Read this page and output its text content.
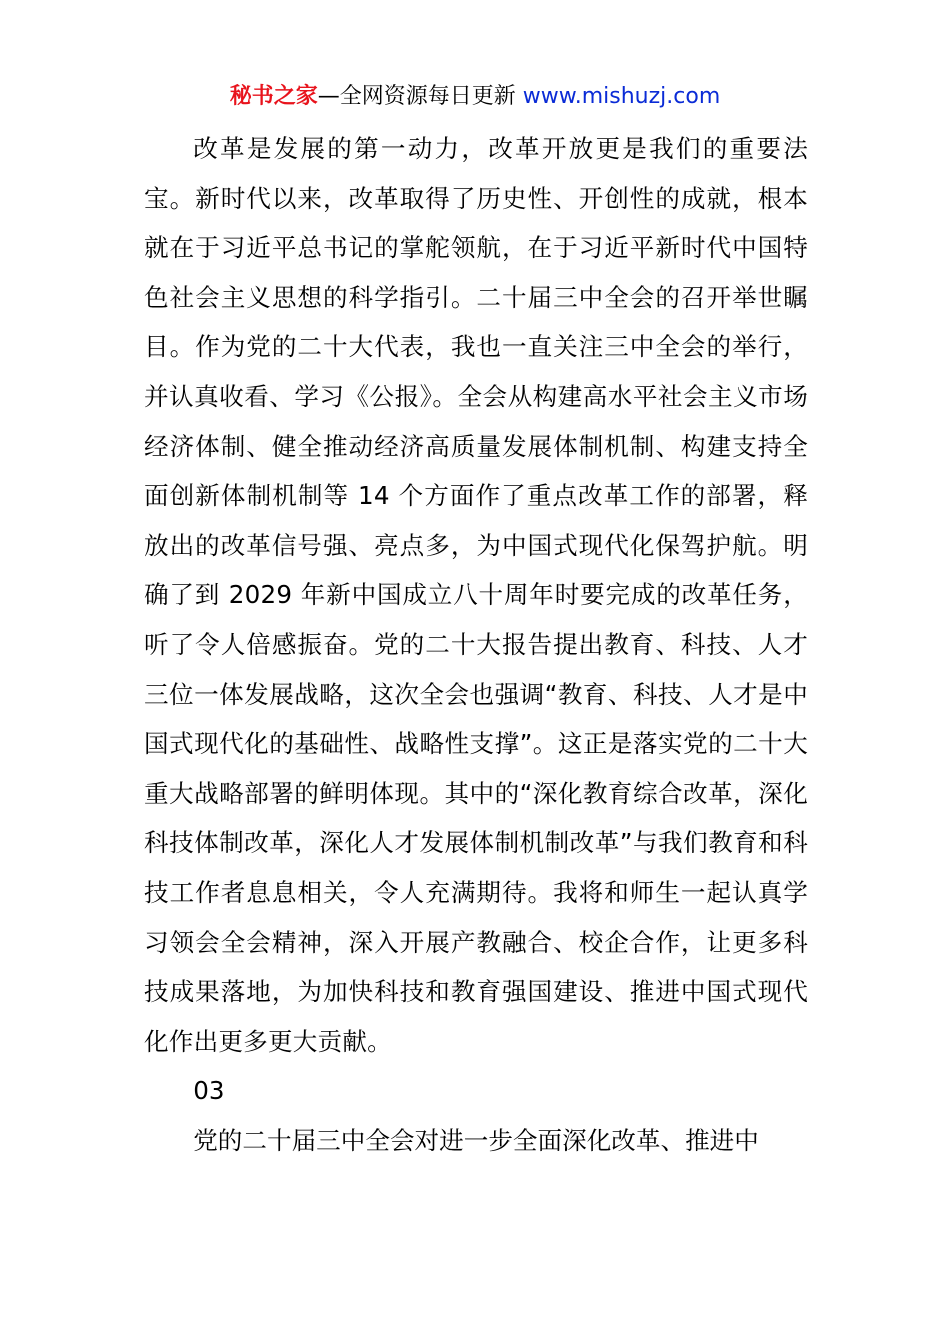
秘书之家—全网资源每日更新 www.mishuzj.com

改革是发展的第一动力，改革开放更是我们的重要法宝。新时代以来，改革取得了历史性、开创性的成就，根本就在于习近平总书记的掌舵领航，在于习近平新时代中国特色社会主义思想的科学指引。二十届三中全会的召开举世瞩目。作为党的二十大代表，我也一直关注三中全会的举行，并认真收看、学习《公报》。全会从构建高水平社会主义市场经济体制、健全推动经济高质量发展体制机制、构建支持全面创新体制机制等 14 个方面作了重点改革工作的部署，释放出的改革信号强、亮点多，为中国式现代化保驾护航。明确了到 2029 年新中国成立八十周年时要完成的改革任务，听了令人倍感振奋。党的二十大报告提出教育、科技、人才三位一体发展战略，这次全会也强调“教育、科技、人才是中国式现代化的基础性、战略性支撑”。这正是落实党的二十大重大战略部署的鲜明体现。其中的“深化教育综合改革，深化科技体制改革，深化人才发展体制机制改革”与我们教育和科技工作者息息相关，令人充满期待。我将和师生一起认真学习领会全会精神，深入开展产教融合、校企合作，让更多科技成果落地，为加快科技和教育强国建设、推进中国式现代化作出更多更大贡献。

03

党的二十届三中全会对进一步全面深化改革、推进中
